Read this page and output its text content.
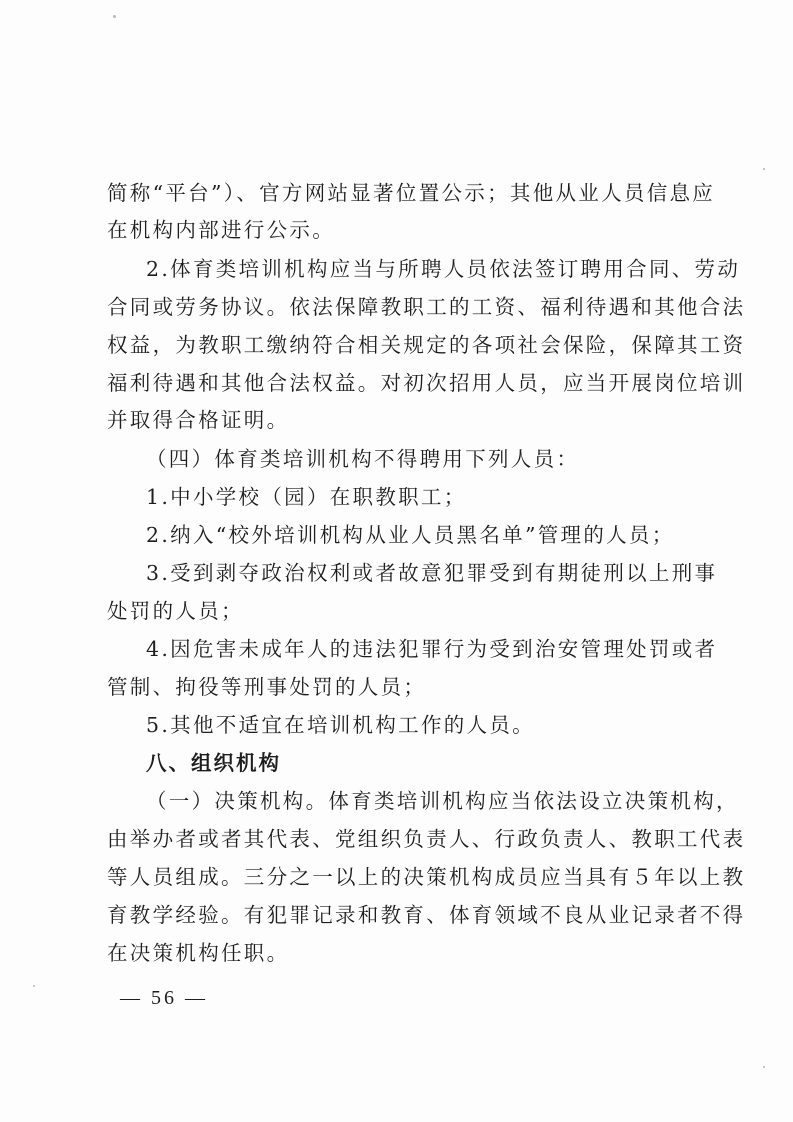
简称“平台”）、官方网站显著位置公示；其他从业人员信息应
在机构内部进行公示。
2.体育类培训机构应当与所聘人员依法签订聘用合同、劳动
合同或劳务协议。依法保障教职工的工资、福利待遇和其他合法
权益，为教职工缴纳符合相关规定的各项社会保险，保障其工资
福利待遇和其他合法权益。对初次招用人员，应当开展岗位培训
并取得合格证明。
（四）体育类培训机构不得聘用下列人员：
1.中小学校（园）在职教职工；
2.纳入“校外培训机构从业人员黑名单”管理的人员；
3.受到剥夺政治权利或者故意犯罪受到有期徒刑以上刑事
处罚的人员；
4.因危害未成年人的违法犯罪行为受到治安管理处罚或者
管制、拘役等刑事处罚的人员；
5.其他不适宜在培训机构工作的人员。
八、组织机构
（一）决策机构。体育类培训机构应当依法设立决策机构，
由举办者或者其代表、党组织负责人、行政负责人、教职工代表
等人员组成。三分之一以上的决策机构成员应当具有５年以上教
育教学经验。有犯罪记录和教育、体育领域不良从业记录者不得
在决策机构任职。
— 56 —
